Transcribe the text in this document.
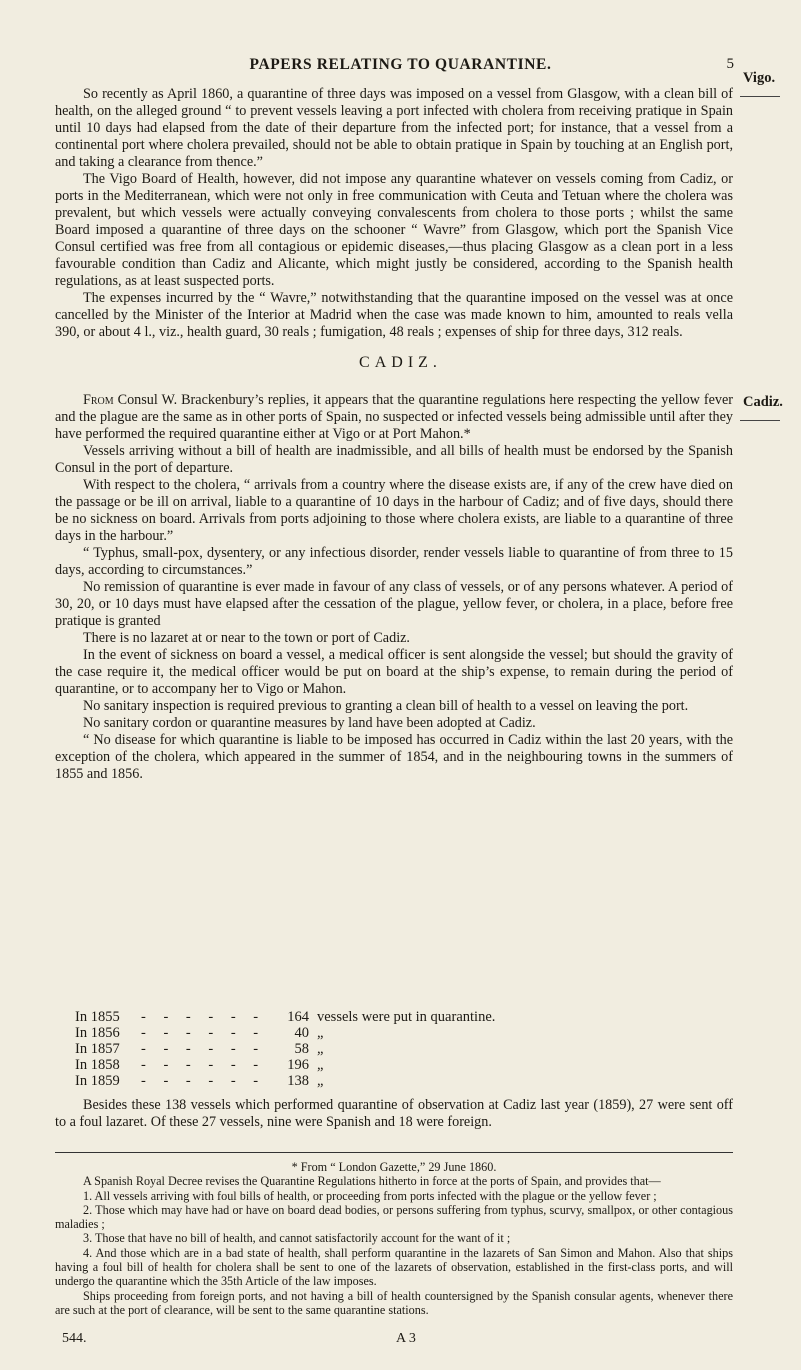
PAPERS RELATING TO QUARANTINE.	5
Vigo.

So recently as April 1860, a quarantine of three days was imposed on a vessel from Glasgow, with a clean bill of health, on the alleged ground “ to prevent vessels leaving a port infected with cholera from receiving pratique in Spain until 10 days had elapsed from the date of their departure from the infected port; for instance, that a vessel from a continental port where cholera prevailed, should not be able to obtain pratique in Spain by touching at an English port, and taking a clearance from thence.”

The Vigo Board of Health, however, did not impose any quarantine whatever on vessels coming from Cadiz, or ports in the Mediterranean, which were not only in free communication with Ceuta and Tetuan where the cholera was prevalent, but which vessels were actually conveying convalescents from cholera to those ports ; whilst the same Board imposed a quarantine of three days on the schooner “ Wavre” from Glasgow, which port the Spanish Vice Consul certified was free from all contagious or epidemic diseases,—thus placing Glasgow as a clean port in a less favourable condition than Cadiz and Alicante, which might justly be considered, according to the Spanish health regulations, as at least suspected ports.

The expenses incurred by the “ Wavre,” notwithstanding that the quarantine imposed on the vessel was at once cancelled by the Minister of the Interior at Madrid when the case was made known to him, amounted to reals vella 390, or about 4 l., viz., health guard, 30 reals ; fumigation, 48 reals ; expenses of ship for three days, 312 reals.

CADIZ.
Cadiz.

From Consul W. Brackenbury’s replies, it appears that the quarantine regulations here respecting the yellow fever and the plague are the same as in other ports of Spain, no suspected or infected vessels being admissible until after they have performed the required quarantine either at Vigo or at Port Mahon.*

Vessels arriving without a bill of health are inadmissible, and all bills of health must be endorsed by the Spanish Consul in the port of departure.

With respect to the cholera, “ arrivals from a country where the disease exists are, if any of the crew have died on the passage or be ill on arrival, liable to a quarantine of 10 days in the harbour of Cadiz; and of five days, should there be no sickness on board. Arrivals from ports adjoining to those where cholera exists, are liable to a quarantine of three days in the harbour.”

“ Typhus, small-pox, dysentery, or any infectious disorder, render vessels liable to quarantine of from three to 15 days, according to circumstances.”

No remission of quarantine is ever made in favour of any class of vessels, or of any persons whatever. A period of 30, 20, or 10 days must have elapsed after the cessation of the plague, yellow fever, or cholera, in a place, before free pratique is granted

There is no lazaret at or near to the town or port of Cadiz.

In the event of sickness on board a vessel, a medical officer is sent alongside the vessel; but should the gravity of the case require it, the medical officer would be put on board at the ship’s expense, to remain during the period of quarantine, or to accompany her to Vigo or Mahon.

No sanitary inspection is required previous to granting a clean bill of health to a vessel on leaving the port.

No sanitary cordon or quarantine measures by land have been adopted at Cadiz.

“ No disease for which quarantine is liable to be imposed has occurred in Cadiz within the last 20 years, with the exception of the cholera, which appeared in the summer of 1854, and in the neighbouring towns in the summers of 1855 and 1856.

In 1855	- - - - - -	164 vessels were put in quarantine.
In 1856	- - - - - -	40 „
In 1857	- - - - - -	58 „
In 1858	- - - - - -	196 „
In 1859	- - - - - -	138 „

Besides these 138 vessels which performed quarantine of observation at Cadiz last year (1859), 27 were sent off to a foul lazaret. Of these 27 vessels, nine were Spanish and 18 were foreign.

* From “ London Gazette,” 29 June 1860.

A Spanish Royal Decree revises the Quarantine Regulations hitherto in force at the ports of Spain, and provides that—

1. All vessels arriving with foul bills of health, or proceeding from ports infected with the plague or the yellow fever ;

2. Those which may have had or have on board dead bodies, or persons suffering from typhus, scurvy, smallpox, or other contagious maladies ;

3. Those that have no bill of health, and cannot satisfactorily account for the want of it ;

4. And those which are in a bad state of health, shall perform quarantine in the lazarets of San Simon and Mahon. Also that ships having a foul bill of health for cholera shall be sent to one of the lazarets of observation, established in the first-class ports, and will undergo the quarantine which the 35th Article of the law imposes.

Ships proceeding from foreign ports, and not having a bill of health countersigned by the Spanish consular agents, whenever there are such at the port of clearance, will be sent to the same quarantine stations.

544.	A 3
